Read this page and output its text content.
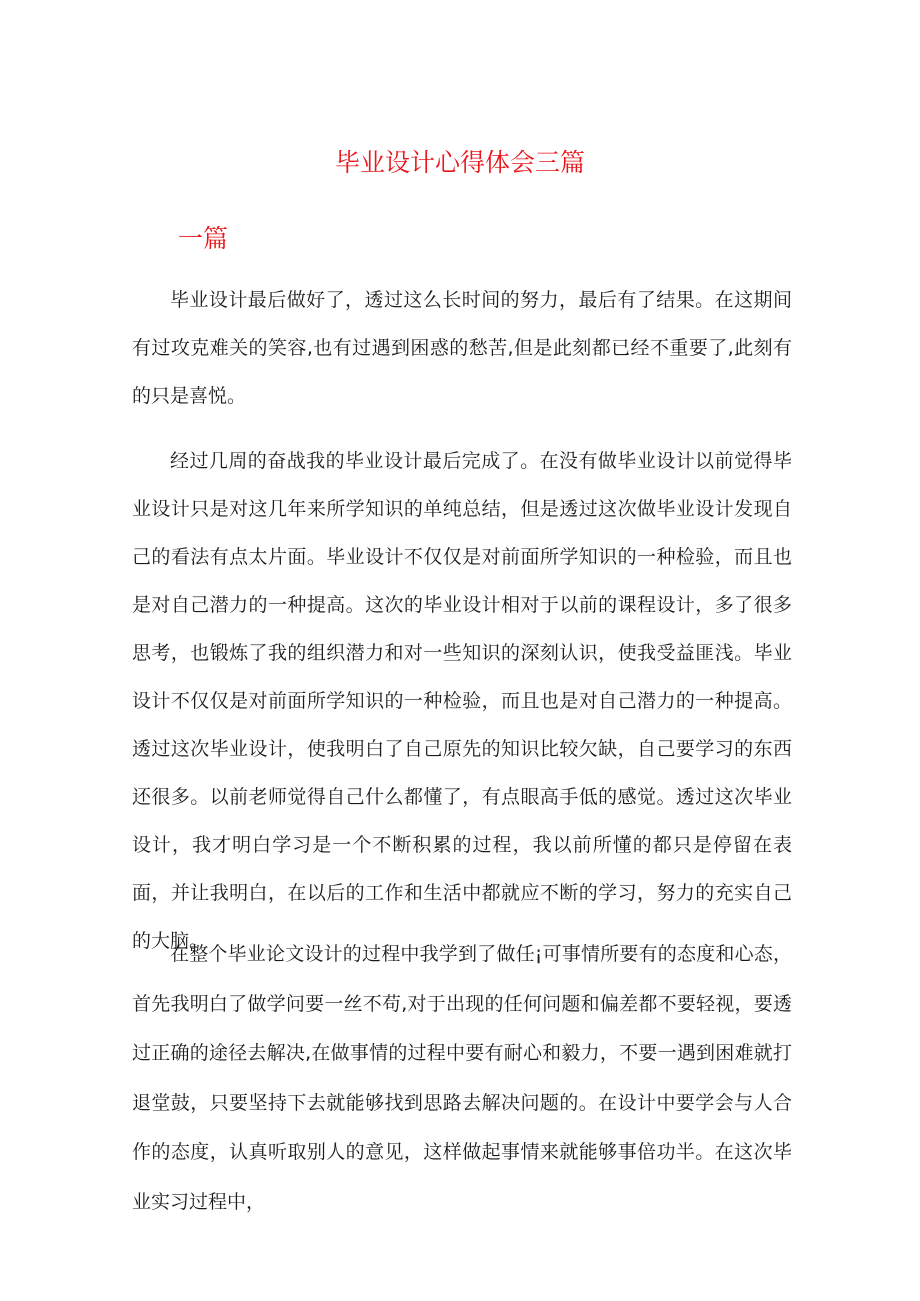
毕业设计心得体会三篇
一篇

毕业设计最后做好了，透过这么长时间的努力，最后有了结果。在这期间有过攻克难关的笑容,也有过遇到困惑的愁苦,但是此刻都已经不重要了,此刻有的只是喜悦。

经过几周的奋战我的毕业设计最后完成了。在没有做毕业设计以前觉得毕业设计只是对这几年来所学知识的单纯总结，但是透过这次做毕业设计发现自己的看法有点太片面。毕业设计不仅仅是对前面所学知识的一种检验，而且也是对自己潜力的一种提高。这次的毕业设计相对于以前的课程设计，多了很多思考，也锻炼了我的组织潜力和对一些知识的深刻认识，使我受益匪浅。毕业设计不仅仅是对前面所学知识的一种检验，而且也是对自己潜力的一种提高。透过这次毕业设计，使我明白了自己原先的知识比较欠缺，自己要学习的东西还很多。以前老师觉得自己什么都懂了，有点眼高手低的感觉。透过这次毕业设计，我才明白学习是一个不断积累的过程，我以前所懂的都只是停留在表面，并让我明白，在以后的工作和生活中都就应不断的学习，努力的充实自己的大脑。

在整个毕业论文设计的过程中我学到了做任¡可事情所要有的态度和心态，首先我明白了做学问要一丝不苟,对于出现的任何问题和偏差都不要轻视，要透过正确的途径去解决,在做事情的过程中要有耐心和毅力，不要一遇到困难就打退堂鼓，只要坚持下去就能够找到思路去解决问题的。在设计中要学会与人合作的态度，认真听取别人的意见，这样做起事情来就能够事倍功半。在这次毕业实习过程中，
